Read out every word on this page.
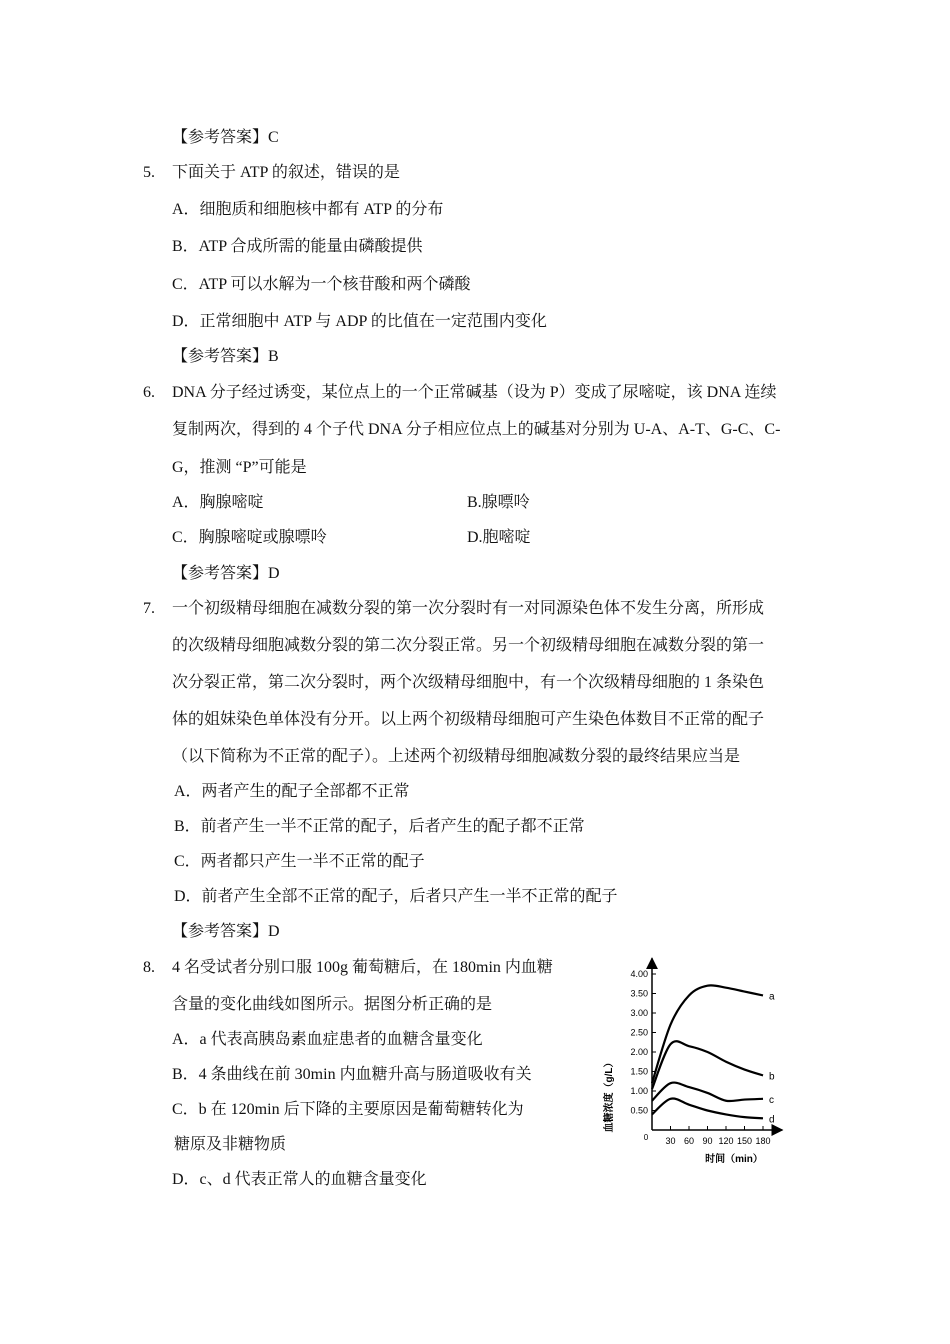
【参考答案】C
5. 下面关于 ATP 的叙述，错误的是
A．细胞质和细胞核中都有 ATP 的分布
B．ATP 合成所需的能量由磷酸提供
C．ATP 可以水解为一个核苷酸和两个磷酸
D．正常细胞中 ATP 与 ADP 的比值在一定范围内变化
【参考答案】B
6. DNA 分子经过诱变，某位点上的一个正常碱基（设为 P）变成了尿嘧啶，该 DNA 连续
复制两次，得到的 4 个子代 DNA 分子相应位点上的碱基对分别为 U-A、A-T、G-C、C-
G，推测 “P”可能是
A．胸腺嘧啶	B.腺嘌呤
C．胸腺嘧啶或腺嘌呤	D.胞嘧啶
【参考答案】D
7. 一个初级精母细胞在减数分裂的第一次分裂时有一对同源染色体不发生分离，所形成
的次级精母细胞减数分裂的第二次分裂正常。另一个初级精母细胞在减数分裂的第一
次分裂正常，第二次分裂时，两个次级精母细胞中，有一个次级精母细胞的 1 条染色
体的姐妹染色单体没有分开。以上两个初级精母细胞可产生染色体数目不正常的配子
（以下简称为不正常的配子）。上述两个初级精母细胞减数分裂的最终结果应当是
A．两者产生的配子全部都不正常
B．前者产生一半不正常的配子，后者产生的配子都不正常
C．两者都只产生一半不正常的配子
D．前者产生全部不正常的配子，后者只产生一半不正常的配子
【参考答案】D
8. 4 名受试者分别口服 100g 葡萄糖后，在 180min 内血糖
含量的变化曲线如图所示。据图分析正确的是
A．a 代表高胰岛素血症患者的血糖含量变化
B．4 条曲线在前 30min 内血糖升高与肠道吸收有关
C．b 在 120min 后下降的主要原因是葡萄糖转化为
糖原及非糖物质
D．c、d 代表正常人的血糖含量变化
0.50
1.00
1.50
2.00
2.50
3.00
3.50
4.00
30 60 90 120 150 180
a
b
c
d
血糖浓度（g/L）
时间（min）
0
